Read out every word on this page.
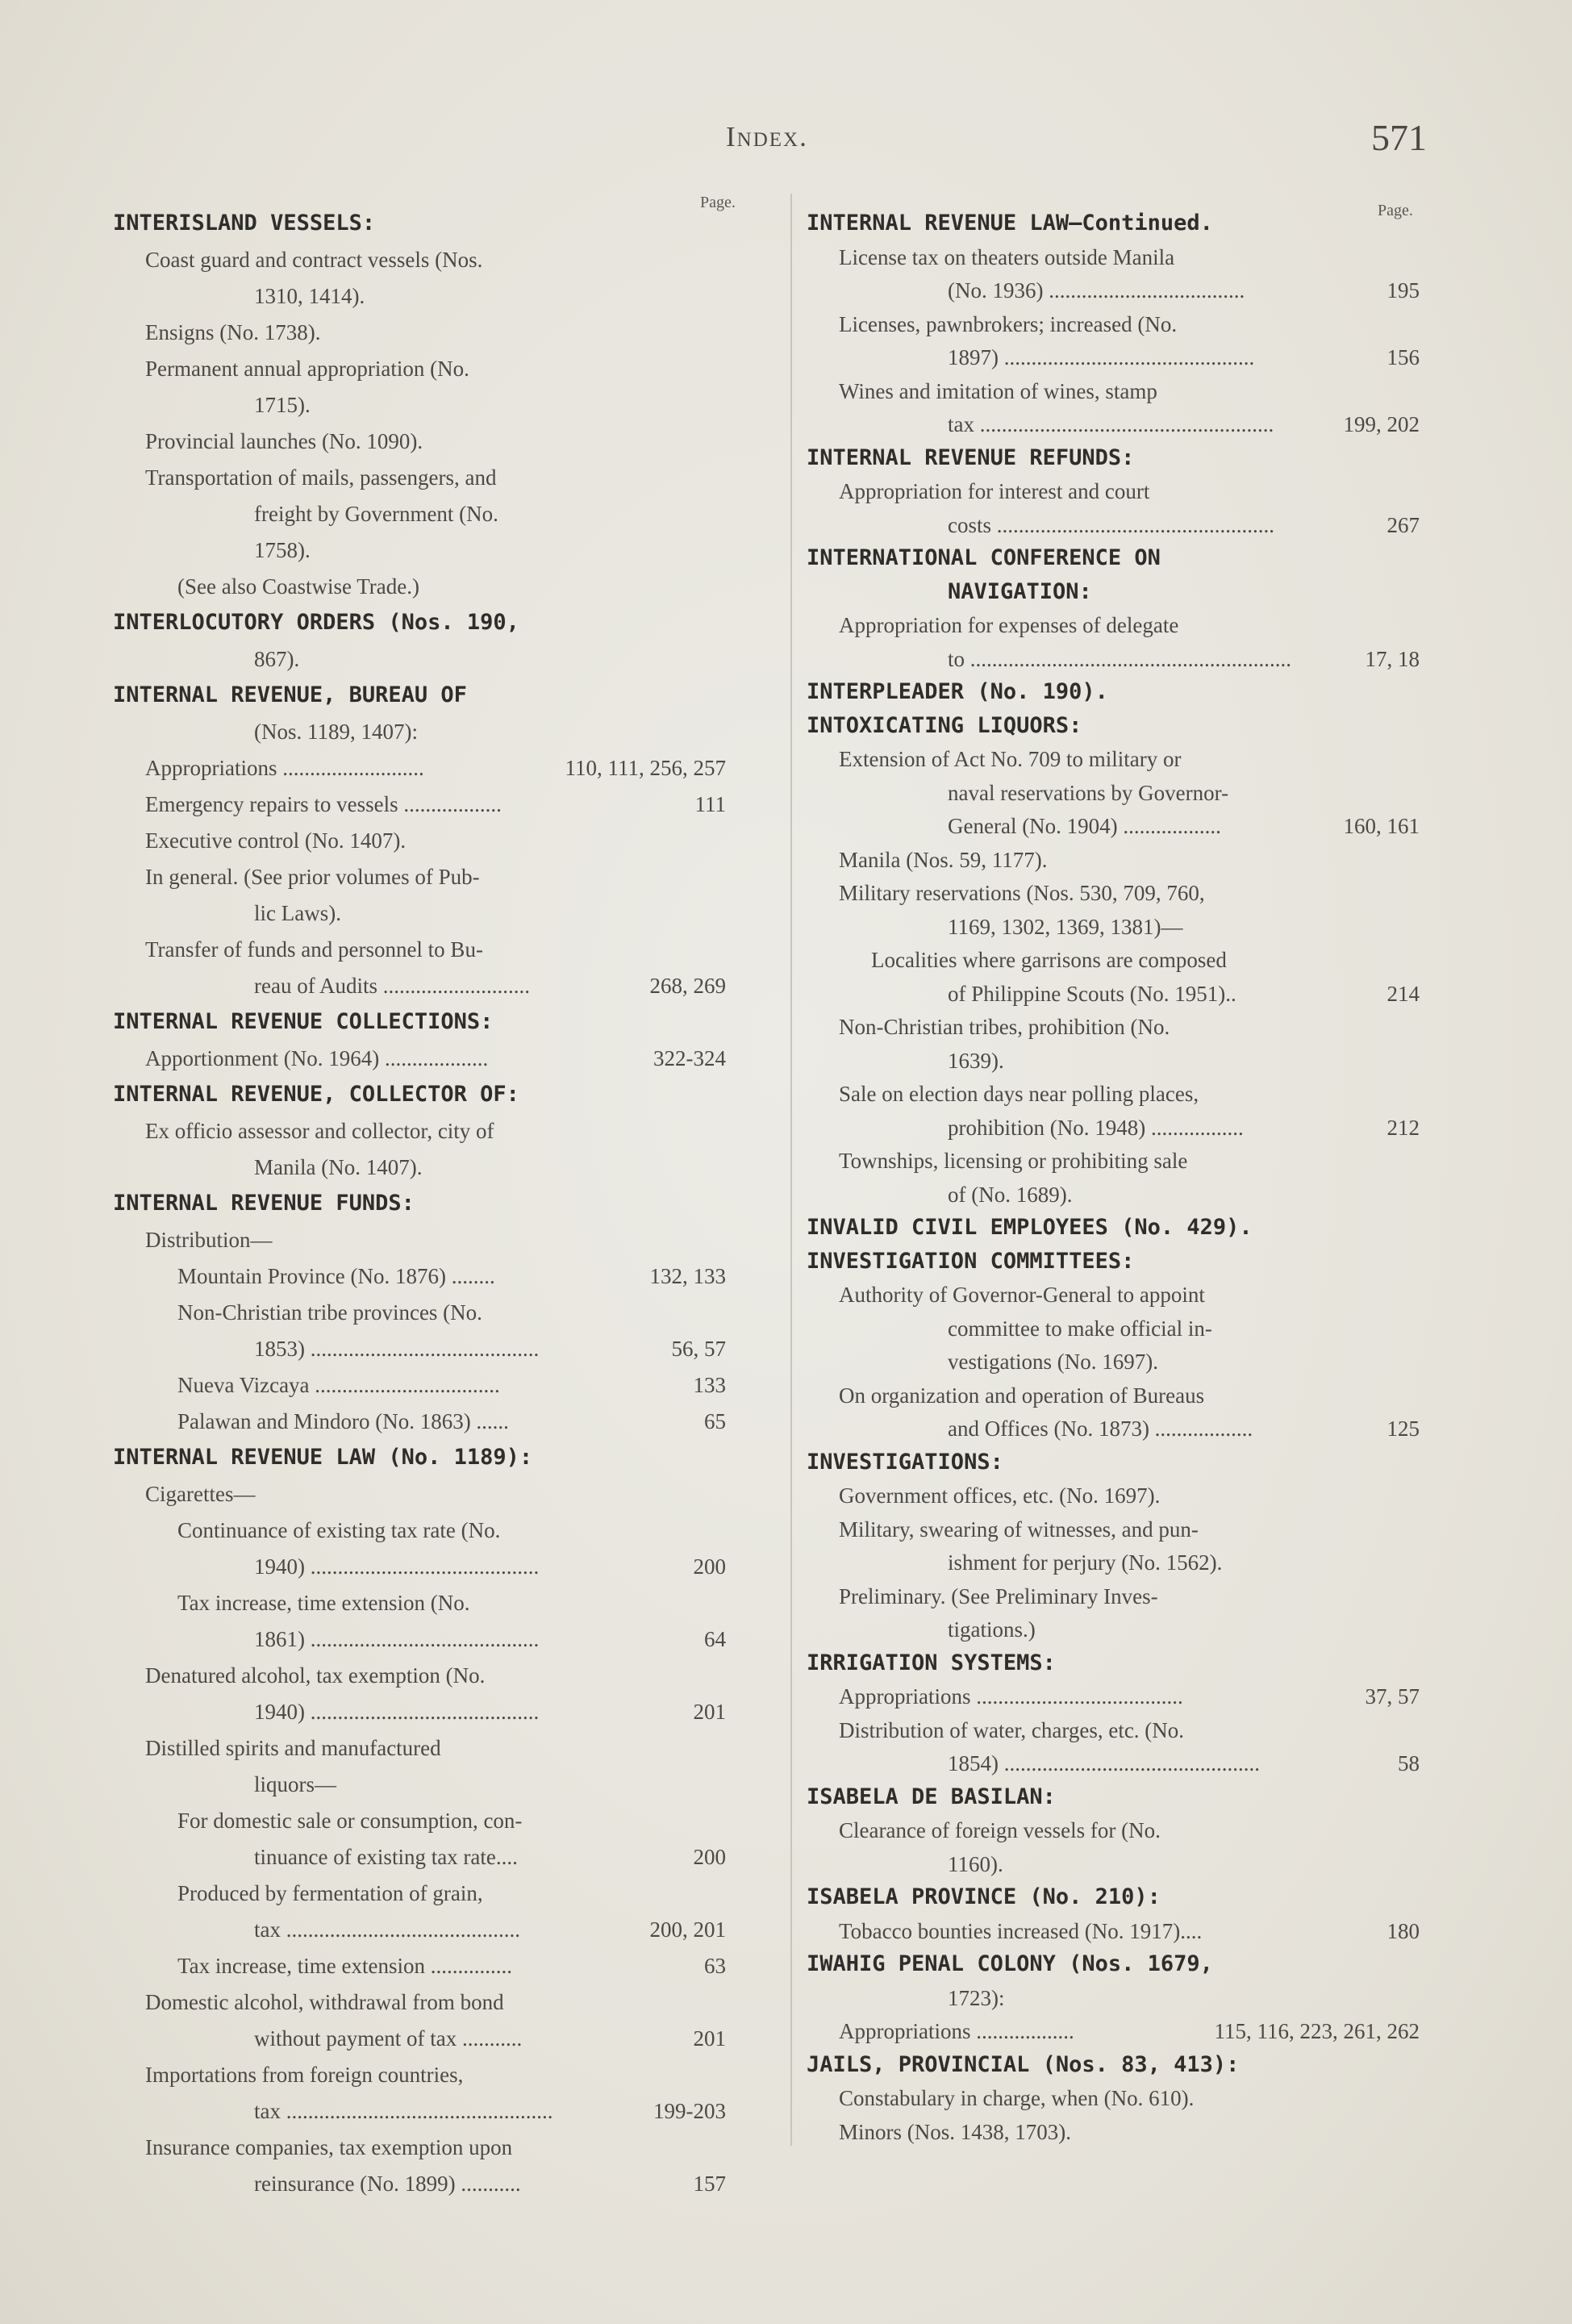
Index.	571
Page.
INTERISLAND VESSELS:
Coast guard and contract vessels (Nos.
1310, 1414).
Ensigns (No. 1738).
Permanent annual appropriation (No.
1715).
Provincial launches (No. 1090).
Transportation of mails, passengers, and
freight by Government (No.
1758).
(See also Coastwise Trade.)
INTERLOCUTORY ORDERS (Nos. 190,
867).
INTERNAL REVENUE, BUREAU OF
(Nos. 1189, 1407):
Appropriations ..........................	110, 111, 256, 257
Emergency repairs to vessels ..................	111
Executive control (No. 1407).
In general. (See prior volumes of Pub-
lic Laws).
Transfer of funds and personnel to Bu-
reau of Audits ...........................	268, 269
INTERNAL REVENUE COLLECTIONS:
Apportionment (No. 1964) ...................	322-324
INTERNAL REVENUE, COLLECTOR OF:
Ex officio assessor and collector, city of
Manila (No. 1407).
INTERNAL REVENUE FUNDS:
Distribution—
Mountain Province (No. 1876) ........	132, 133
Non-Christian tribe provinces (No.
1853) ..........................................	56, 57
Nueva Vizcaya ..................................	133
Palawan and Mindoro (No. 1863) ......	65
INTERNAL REVENUE LAW (No. 1189):
Cigarettes—
Continuance of existing tax rate (No.
1940) ..........................................	200
Tax increase, time extension (No.
1861) ..........................................	64
Denatured alcohol, tax exemption (No.
1940) ..........................................	201
Distilled spirits and manufactured
liquors—
For domestic sale or consumption, con-
tinuance of existing tax rate....	200
Produced by fermentation of grain,
tax ...........................................	200, 201
Tax increase, time extension ...............	63
Domestic alcohol, withdrawal from bond
without payment of tax ...........	201
Importations from foreign countries,
tax .................................................	199-203
Insurance companies, tax exemption upon
reinsurance (No. 1899) ...........	157
Page.
INTERNAL REVENUE LAW—Continued.
License tax on theaters outside Manila
(No. 1936) ....................................	195
Licenses, pawnbrokers; increased (No.
1897) ..............................................	156
Wines and imitation of wines, stamp
tax ......................................................	199, 202
INTERNAL REVENUE REFUNDS:
Appropriation for interest and court
costs ...................................................	267
INTERNATIONAL CONFERENCE ON
NAVIGATION:
Appropriation for expenses of delegate
to ...........................................................	17, 18
INTERPLEADER (No. 190).
INTOXICATING LIQUORS:
Extension of Act No. 709 to military or
naval reservations by Governor-
General (No. 1904) ..................	160, 161
Manila (Nos. 59, 1177).
Military reservations (Nos. 530, 709, 760,
1169, 1302, 1369, 1381)—
Localities where garrisons are composed
of Philippine Scouts (No. 1951)..	214
Non-Christian tribes, prohibition (No.
1639).
Sale on election days near polling places,
prohibition (No. 1948) .................	212
Townships, licensing or prohibiting sale
of (No. 1689).
INVALID CIVIL EMPLOYEES (No. 429).
INVESTIGATION COMMITTEES:
Authority of Governor-General to appoint
committee to make official in-
vestigations (No. 1697).
On organization and operation of Bureaus
and Offices (No. 1873) ..................	125
INVESTIGATIONS:
Government offices, etc. (No. 1697).
Military, swearing of witnesses, and pun-
ishment for perjury (No. 1562).
Preliminary. (See Preliminary Inves-
tigations.)
IRRIGATION SYSTEMS:
Appropriations ......................................	37, 57
Distribution of water, charges, etc. (No.
1854) ...............................................	58
ISABELA DE BASILAN:
Clearance of foreign vessels for (No.
1160).
ISABELA PROVINCE (No. 210):
Tobacco bounties increased (No. 1917)....	180
IWAHIG PENAL COLONY (Nos. 1679,
1723):
Appropriations ..................	115, 116, 223, 261, 262
JAILS, PROVINCIAL (Nos. 83, 413):
Constabulary in charge, when (No. 610).
Minors (Nos. 1438, 1703).
